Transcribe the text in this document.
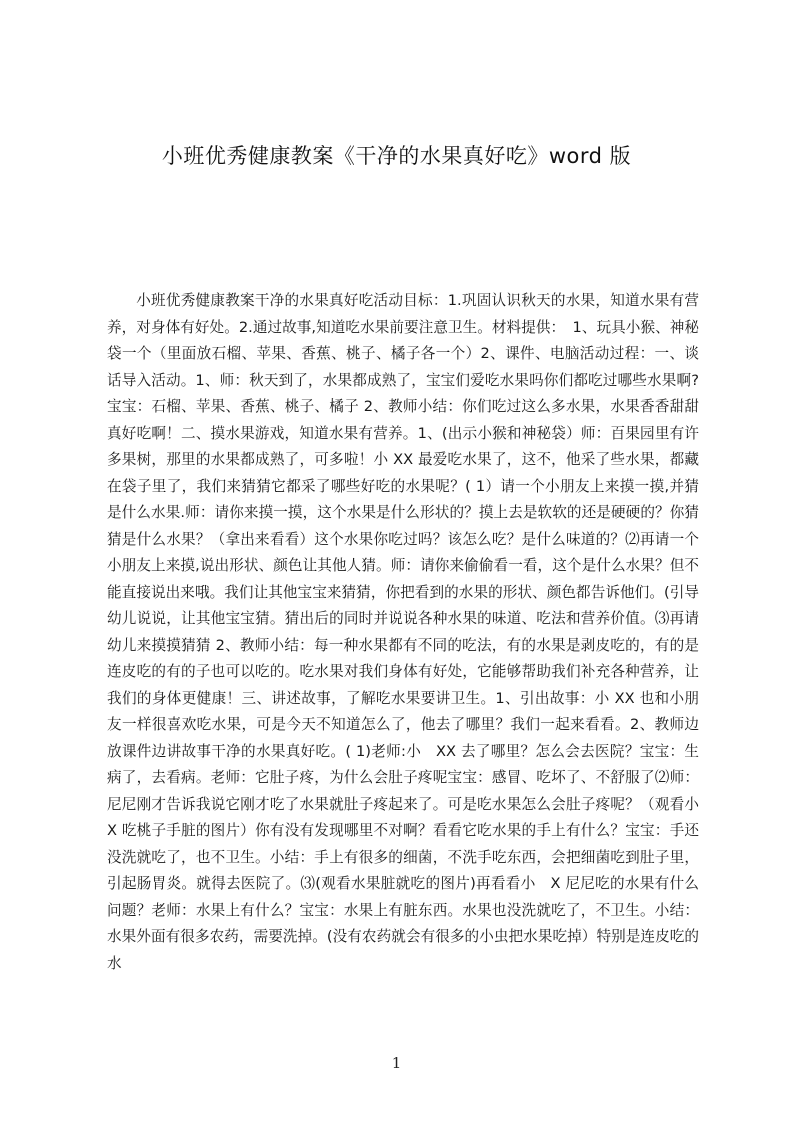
小班优秀健康教案《干净的水果真好吃》word 版

小班优秀健康教案干净的水果真好吃活动目标：1.巩固认识秋天的水果，知道水果有营养，对身体有好处。2.通过故事,知道吃水果前要注意卫生。材料提供：　1、玩具小猴、神秘袋一个（里面放石榴、苹果、香蕉、桃子、橘子各一个）2、课件、电脑活动过程：一、谈话导入活动。1、师：秋天到了，水果都成熟了，宝宝们爱吃水果吗你们都吃过哪些水果啊?宝宝：石榴、苹果、香蕉、桃子、橘子 2、教师小结：你们吃过这么多水果，水果香香甜甜真好吃啊！二、摸水果游戏，知道水果有营养。1、(出示小猴和神秘袋）师：百果园里有许多果树，那里的水果都成熟了，可多啦！小 XX 最爱吃水果了，这不，他采了些水果，都藏在袋子里了，我们来猜猜它都采了哪些好吃的水果呢？( 1）请一个小朋友上来摸一摸,并猜是什么水果.师：请你来摸一摸，这个水果是什么形状的？摸上去是软软的还是硬硬的？你猜猜是什么水果？（拿出来看看）这个水果你吃过吗？该怎么吃？是什么味道的？⑵再请一个小朋友上来摸,说出形状、颜色让其他人猜。师：请你来偷偷看一看，这个是什么水果？但不能直接说出来哦。我们让其他宝宝来猜猜，你把看到的水果的形状、颜色都告诉他们。(引导幼儿说说，让其他宝宝猜。猜出后的同时并说说各种水果的味道、吃法和营养价值。⑶再请幼儿来摸摸猜猜 2、教师小结：每一种水果都有不同的吃法，有的水果是剥皮吃的，有的是连皮吃的有的子也可以吃的。吃水果对我们身体有好处，它能够帮助我们补充各种营养，让我们的身体更健康！三、讲述故事，了解吃水果要讲卫生。1、引出故事：小 XX 也和小朋友一样很喜欢吃水果，可是今天不知道怎么了，他去了哪里？我们一起来看看。2、教师边放课件边讲故事干净的水果真好吃。( 1)老师:小　XX 去了哪里？怎么会去医院？宝宝：生病了，去看病。老师：它肚子疼，为什么会肚子疼呢宝宝：感冒、吃坏了、不舒服了⑵师：尼尼刚才告诉我说它刚才吃了水果就肚子疼起来了。可是吃水果怎么会肚子疼呢？（观看小 X 吃桃子手脏的图片）你有没有发现哪里不对啊？看看它吃水果的手上有什么？宝宝：手还没洗就吃了，也不卫生。小结：手上有很多的细菌，不洗手吃东西，会把细菌吃到肚子里，引起肠胃炎。就得去医院了。⑶(观看水果脏就吃的图片)再看看小　X 尼尼吃的水果有什么问题？老师：水果上有什么？宝宝：水果上有脏东西。水果也没洗就吃了，不卫生。小结：水果外面有很多农药，需要洗掉。(没有农药就会有很多的小虫把水果吃掉）特别是连皮吃的水

1
